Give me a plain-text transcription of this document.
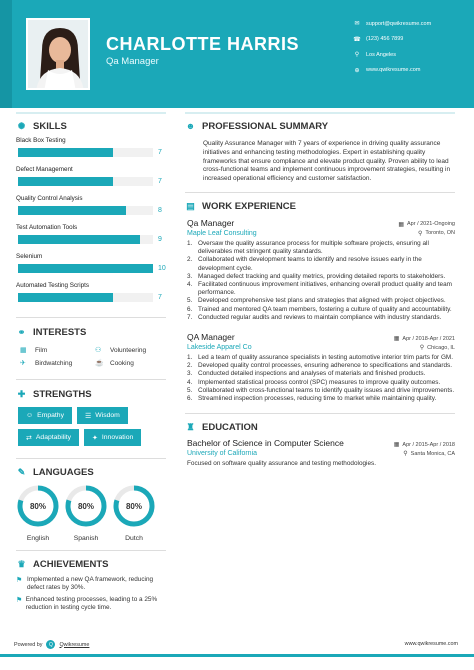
CHARLOTTE HARRIS
Qa Manager
✉	support@qwikresume.com
☎ (123) 456 7899
⚲	Los Angeles
⊕	www.qwikresume.com
✺ SKILLS
Black Box Testing
7
Defect Management
7
Quality Control Analysis
8
Test Automation Tools
9
Selenium
10
Automated Testing Scripts
7
⚭ INTERESTS
▦	Film	⚇	Volunteering
✈	Birdwatching	☕ Cooking
✚ STRENGTHS
☺ Empathy	☰ Wisdom
⇄ Adaptability	✦ Innovation
✎ LANGUAGES
80%
English
80%
Spanish
80%
Dutch
♛ ACHIEVEMENTS
⚑ Implemented a new QA framework, reducing defect rates by 30%.
⚑ Enhanced testing processes, leading to a 25% reduction in testing cycle time.
☻ PROFESSIONAL SUMMARY
Quality Assurance Manager with 7 years of experience in driving quality assurance initiatives and enhancing testing methodologies. Expert in establishing quality frameworks that ensure compliance and elevate product quality. Proven ability to lead cross-functional teams and implement continuous improvement strategies, resulting in increased operational efficiency and customer satisfaction.
▤ WORK EXPERIENCE
Qa Manager	▦ Apr / 2021-Ongoing
Maple Leaf Consulting	⚲ Toronto, ON
1. Oversaw the quality assurance process for multiple software projects, ensuring all deliverables met stringent quality standards.
2. Collaborated with development teams to identify and resolve issues early in the development cycle.
3. Managed defect tracking and quality metrics, providing detailed reports to stakeholders.
4. Facilitated continuous improvement initiatives, enhancing overall product quality and team performance.
5. Developed comprehensive test plans and strategies that aligned with project objectives.
6. Trained and mentored QA team members, fostering a culture of quality and accountability.
7. Conducted regular audits and reviews to maintain compliance with industry standards.
QA Manager	▦ Apr / 2018-Apr / 2021
Lakeside Apparel Co	⚲ Chicago, IL
1. Led a team of quality assurance specialists in testing automotive interior trim parts for GM.
2. Developed quality control processes, ensuring adherence to specifications and standards.
3. Conducted detailed inspections and analyses of materials and finished products.
4. Implemented statistical process control (SPC) measures to improve quality outcomes.
5. Collaborated with cross-functional teams to identify quality issues and drive improvements.
6. Streamlined inspection processes, reducing time to market while maintaining quality.
♜ EDUCATION
Bachelor of Science in Computer Science	▦ Apr / 2015-Apr / 2018
University of California	⚲ Santa Monica, CA
Focused on software quality assurance and testing methodologies.
Powered by	Q	Qwikresume	www.qwikresume.com
